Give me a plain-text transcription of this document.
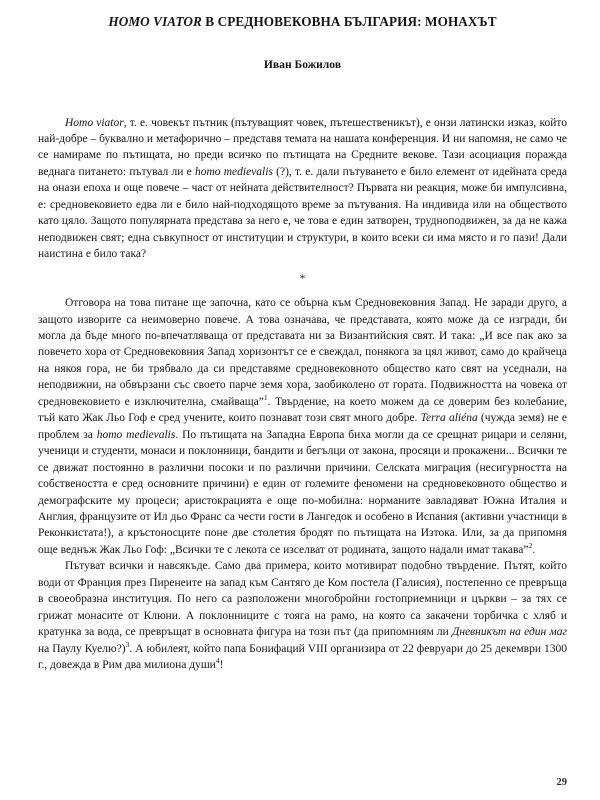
HOMO VIATOR В СРЕДНОВЕКОВНА БЪЛГАРИЯ: МОНАХЪТ
Иван Божилов

Homo viator, т. е. човекът пътник (пътуващият човек, пътешественикът), е онзи латински изказ, който най-добре – буквално и метафорично – представя темата на нашата конференция. И ни напомня, не само че се намираме по пътищата, но преди всичко по пътищата на Средните векове. Тази асоциация поражда веднага питането: пътувал ли е homo medievalis (?), т. е. дали пътуването е било елемент от идейната среда на онази епоха и още повече – част от нейната действителност? Първата ни реакция, може би импулсивна, е: средновековието едва ли е било най-подходящото време за пътувания. На индивида или на обществото като цяло. Защото популярната представа за него е, че това е един затворен, трудноподвижен, за да не кажа неподвижен свят; една съвкупност от институции и структури, в които всеки си има място и го пази! Дали наистина е било така?

*

Отговора на това питане ще започна, като се обърна към Средновековния Запад. Не заради друго, а защото изворите са неимоверно повече. А това означава, че представата, която може да се изгради, би могла да бъде много по-впечатляваща от представата ни за Византийския свят. И така: „И все пак ако за повечето хора от Средновековния Запад хоризонтът се е свеждал, понякога за цял живот, само до крайчеца на някоя гора, не би трябвало да си представяме средновековното общество като свят на уседнали, на неподвижни, на обвързани със своето парче земя хора, заобиколено от гората. Подвижността на човека от средновековието е изключителна, смайваща”$^1$. Твърдение, на което можем да се доверим без колебание, тъй като Жак Льо Гоф е сред учените, които познават този свят много добре. Terra aliéna (чужда земя) не е проблем за homo medievalis. По пътищата на Западна Европа биха могли да се срещнат рицари и селяни, ученици и студенти, монаси и поклонници, бандити и бегълци от закона, просяци и прокажени... Всички те се движат постоянно в различни посоки и по различни причини. Селската миграция (несигурността на собствеността е сред основните причини) е един от големите феномени на средновековното общество и демографските му процеси; аристокрацията е още по-мобилна: норманите завладяват Южна Италия и Англия, французите от Ил дьо Франс са чести гости в Лангедок и особено в Испания (активни участници в Реконкистата!), а кръстоносците поне две столетия бродят по пътищата на Изтока. Или, за да припомня още веднъж Жак Льо Гоф: „Всички те с лекота се изселват от родината, защото надали имат такава”$^2$.

Пътуват всички и навсякъде. Само два примера, които мотивират подобно твърдение. Пътят, който води от Франция през Пиренеите на запад към Сантяго де Ком постела (Галисия), постепенно се превръща в своеобразна институция. По него са разположени многобройни гостоприемници и църкви – за тях се грижат монасите от Клюни. А поклонниците с тояга на рамо, на която са закачени торбичка с хляб и кратунка за вода, се превръщат в основната фигура на този път (да припомниям ли Дневникът на един маг на Паулу Куелю?)$^3$. А юбилеят, който папа Бонифаций VIII организира от 22 февруари до 25 декември 1300 г., довежда в Рим два милиона души$^4$!

29
